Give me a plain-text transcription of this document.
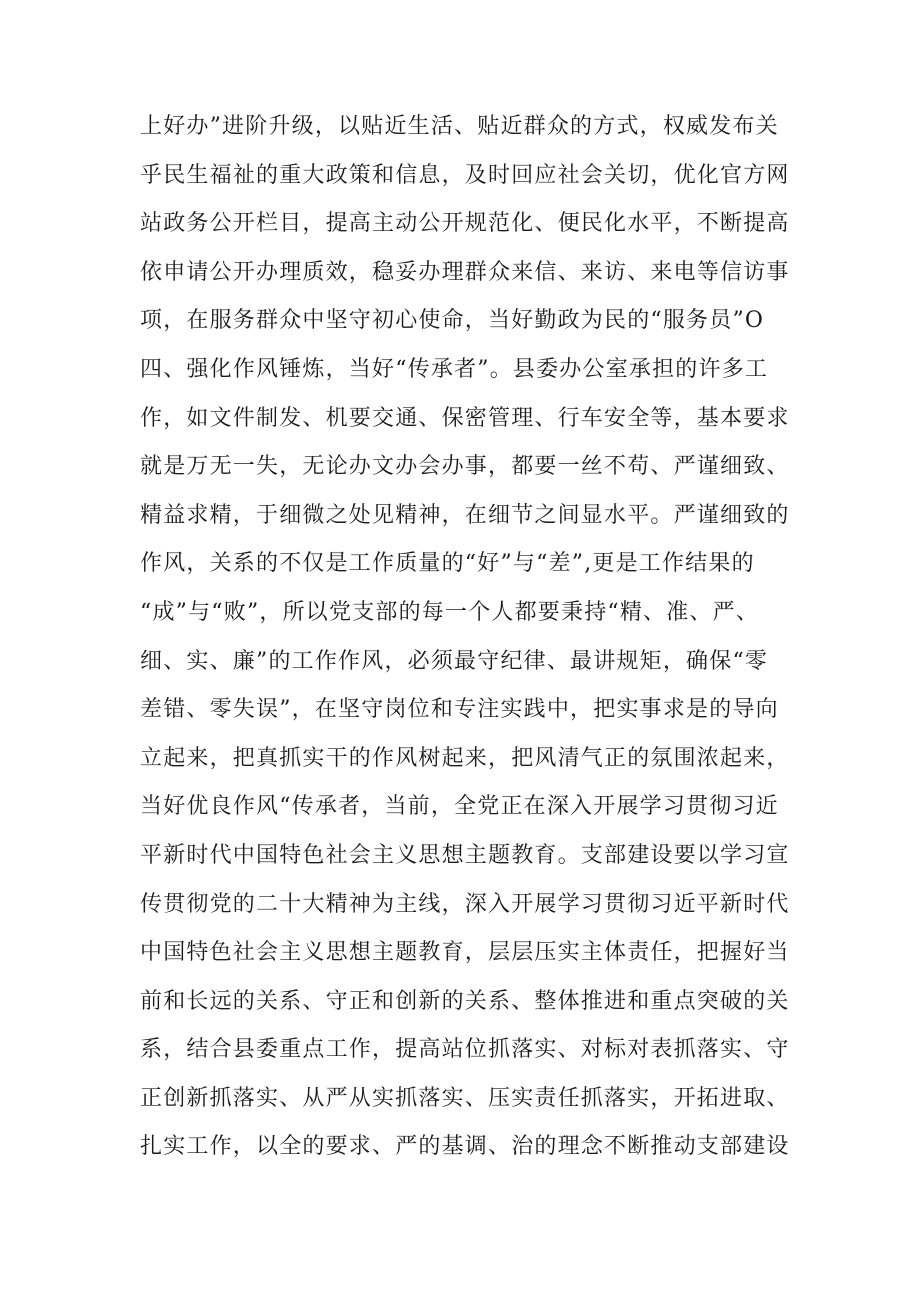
上好办”进阶升级，以贴近生活、贴近群众的方式，权威发布关
乎民生福祉的重大政策和信息，及时回应社会关切，优化官方网
站政务公开栏目，提高主动公开规范化、便民化水平，不断提高
依申请公开办理质效，稳妥办理群众来信、来访、来电等信访事
项，在服务群众中坚守初心使命，当好勤政为民的“服务员”O
四、强化作风锤炼，当好“传承者”。县委办公室承担的许多工
作，如文件制发、机要交通、保密管理、行车安全等，基本要求
就是万无一失，无论办文办会办事，都要一丝不苟、严谨细致、
精益求精，于细微之处见精神，在细节之间显水平。严谨细致的
作风，关系的不仅是工作质量的“好”与“差”,更是工作结果的
“成”与“败”，所以党支部的每一个人都要秉持“精、准、严、
细、实、廉”的工作作风，必须最守纪律、最讲规矩，确保“零
差错、零失误”，在坚守岗位和专注实践中，把实事求是的导向
立起来，把真抓实干的作风树起来，把风清气正的氛围浓起来，
当好优良作风“传承者，当前，全党正在深入开展学习贯彻习近
平新时代中国特色社会主义思想主题教育。支部建设要以学习宣
传贯彻党的二十大精神为主线，深入开展学习贯彻习近平新时代
中国特色社会主义思想主题教育，层层压实主体责任，把握好当
前和长远的关系、守正和创新的关系、整体推进和重点突破的关
系，结合县委重点工作，提高站位抓落实、对标对表抓落实、守
正创新抓落实、从严从实抓落实、压实责任抓落实，开拓进取、
扎实工作，以全的要求、严的基调、治的理念不断推动支部建设
